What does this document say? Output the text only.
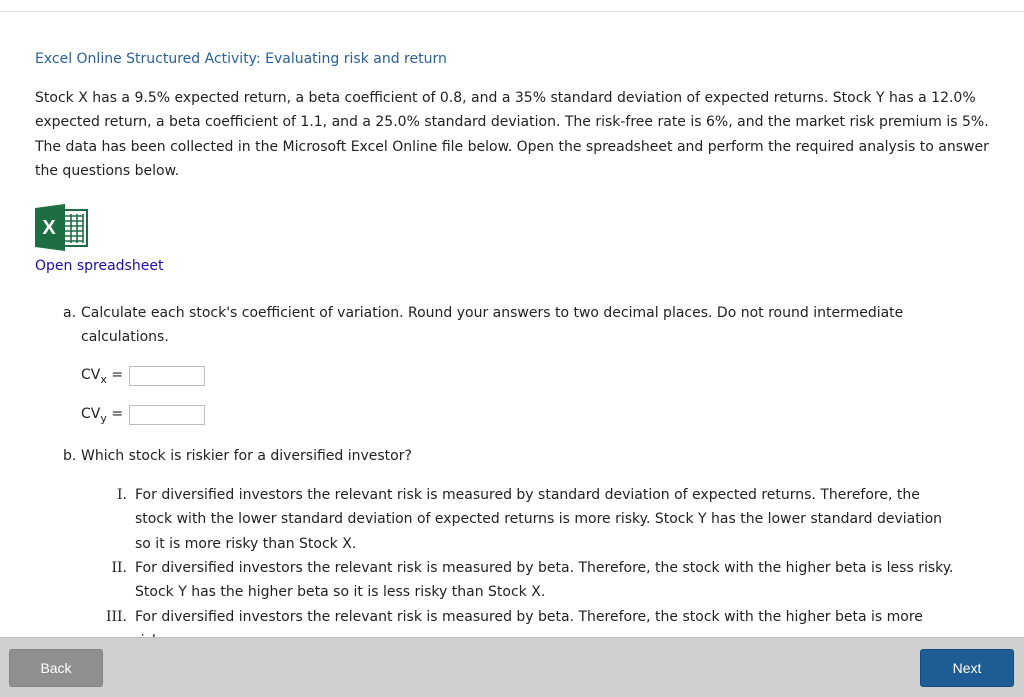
Excel Online Structured Activity: Evaluating risk and return

Stock X has a 9.5% expected return, a beta coefficient of 0.8, and a 35% standard deviation of expected returns. Stock Y has a 12.0% expected return, a beta coefficient of 1.1, and a 25.0% standard deviation. The risk-free rate is 6%, and the market risk premium is 5%. The data has been collected in the Microsoft Excel Online file below. Open the spreadsheet and perform the required analysis to answer the questions below.

X
Open spreadsheet
a. Calculate each stock's coefficient of variation. Round your answers to two decimal places. Do not round intermediate calculations.
$CV_x$ =
$CV_y$ =
b. Which stock is riskier for a diversified investor?
I. For diversified investors the relevant risk is measured by standard deviation of expected returns. Therefore, the stock with the lower standard deviation of expected returns is more risky. Stock Y has the lower standard deviation so it is more risky than Stock X.
II. For diversified investors the relevant risk is measured by beta. Therefore, the stock with the higher beta is less risky. Stock Y has the higher beta so it is less risky than Stock X.
III. For diversified investors the relevant risk is measured by beta. Therefore, the stock with the higher beta is more
Back	Next
